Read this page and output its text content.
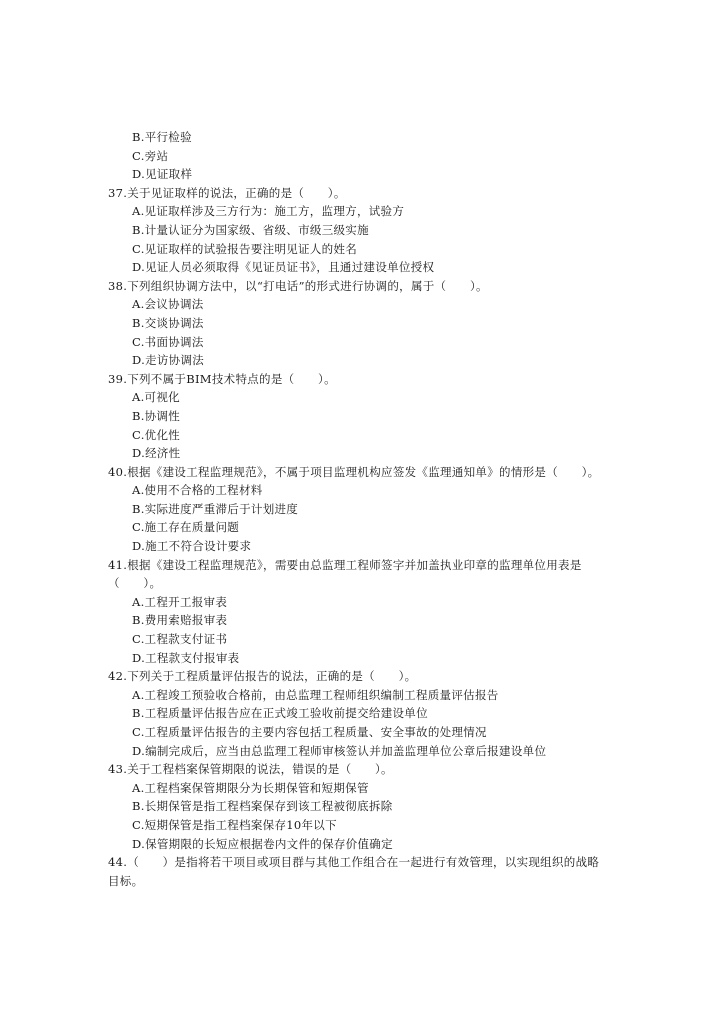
B.平行检验
C.旁站
D.见证取样
37.关于见证取样的说法，正确的是（　　）。
A.见证取样涉及三方行为：施工方，监理方，试验方
B.计量认证分为国家级、省级、市级三级实施
C.见证取样的试验报告要注明见证人的姓名
D.见证人员必须取得《见证员证书》，且通过建设单位授权
38.下列组织协调方法中，以“打电话”的形式进行协调的，属于（　　）。
A.会议协调法
B.交谈协调法
C.书面协调法
D.走访协调法
39.下列不属于BIM技术特点的是（　　）。
A.可视化
B.协调性
C.优化性
D.经济性
40.根据《建设工程监理规范》，不属于项目监理机构应签发《监理通知单》的情形是（　　）。
A.使用不合格的工程材料
B.实际进度严重滞后于计划进度
C.施工存在质量问题
D.施工不符合设计要求
41.根据《建设工程监理规范》，需要由总监理工程师签字并加盖执业印章的监理单位用表是
（　　）。
A.工程开工报审表
B.费用索赔报审表
C.工程款支付证书
D.工程款支付报审表
42.下列关于工程质量评估报告的说法，正确的是（　　）。
A.工程竣工预验收合格前，由总监理工程师组织编制工程质量评估报告
B.工程质量评估报告应在正式竣工验收前提交给建设单位
C.工程质量评估报告的主要内容包括工程质量、安全事故的处理情况
D.编制完成后，应当由总监理工程师审核签认并加盖监理单位公章后报建设单位
43.关于工程档案保管期限的说法，错误的是（　　）。
A.工程档案保管期限分为长期保管和短期保管
B.长期保管是指工程档案保存到该工程被彻底拆除
C.短期保管是指工程档案保存10年以下
D.保管期限的长短应根据卷内文件的保存价值确定
44.（　　）是指将若干项目或项目群与其他工作组合在一起进行有效管理，以实现组织的战略
目标。
